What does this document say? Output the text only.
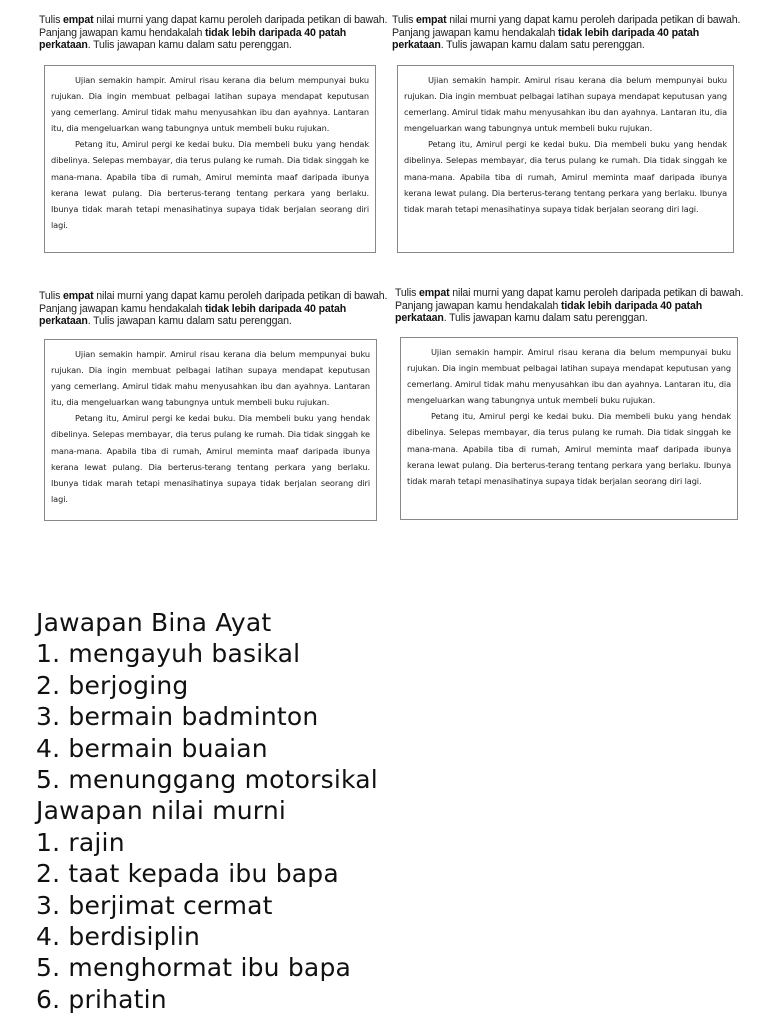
Tulis empat nilai murni yang dapat kamu peroleh daripada petikan di bawah.
Panjang jawapan kamu hendakalah tidak lebih daripada 40 patah
perkataan. Tulis jawapan kamu dalam satu perenggan.

Ujian semakin hampir. Amirul risau kerana dia belum mempunyai buku rujukan. Dia ingin membuat pelbagai latihan supaya mendapat keputusan yang cemerlang. Amirul tidak mahu menyusahkan ibu dan ayahnya. Lantaran itu, dia mengeluarkan wang tabungnya untuk membeli buku rujukan.

Petang itu, Amirul pergi ke kedai buku. Dia membeli buku yang hendak dibelinya. Selepas membayar, dia terus pulang ke rumah. Dia tidak singgah ke mana-mana. Apabila tiba di rumah, Amirul meminta maaf daripada ibunya kerana lewat pulang. Dia berterus-terang tentang perkara yang berlaku. Ibunya tidak marah tetapi menasihatinya supaya tidak berjalan seorang diri lagi.

Tulis empat nilai murni yang dapat kamu peroleh daripada petikan di bawah.
Panjang jawapan kamu hendakalah tidak lebih daripada 40 patah
perkataan. Tulis jawapan kamu dalam satu perenggan.

Ujian semakin hampir. Amirul risau kerana dia belum mempunyai buku rujukan. Dia ingin membuat pelbagai latihan supaya mendapat keputusan yang cemerlang. Amirul tidak mahu menyusahkan ibu dan ayahnya. Lantaran itu, dia mengeluarkan wang tabungnya untuk membeli buku rujukan.

Petang itu, Amirul pergi ke kedai buku. Dia membeli buku yang hendak dibelinya. Selepas membayar, dia terus pulang ke rumah. Dia tidak singgah ke mana-mana. Apabila tiba di rumah, Amirul meminta maaf daripada ibunya kerana lewat pulang. Dia berterus-terang tentang perkara yang berlaku. Ibunya tidak marah tetapi menasihatinya supaya tidak berjalan seorang diri lagi.

Tulis empat nilai murni yang dapat kamu peroleh daripada petikan di bawah.
Panjang jawapan kamu hendakalah tidak lebih daripada 40 patah
perkataan. Tulis jawapan kamu dalam satu perenggan.

Ujian semakin hampir. Amirul risau kerana dia belum mempunyai buku rujukan. Dia ingin membuat pelbagai latihan supaya mendapat keputusan yang cemerlang. Amirul tidak mahu menyusahkan ibu dan ayahnya. Lantaran itu, dia mengeluarkan wang tabungnya untuk membeli buku rujukan.

Petang itu, Amirul pergi ke kedai buku. Dia membeli buku yang hendak dibelinya. Selepas membayar, dia terus pulang ke rumah. Dia tidak singgah ke mana-mana. Apabila tiba di rumah, Amirul meminta maaf daripada ibunya kerana lewat pulang. Dia berterus-terang tentang perkara yang berlaku. Ibunya tidak marah tetapi menasihatinya supaya tidak berjalan seorang diri lagi.

Tulis empat nilai murni yang dapat kamu peroleh daripada petikan di bawah.
Panjang jawapan kamu hendakalah tidak lebih daripada 40 patah
perkataan. Tulis jawapan kamu dalam satu perenggan.

Ujian semakin hampir. Amirul risau kerana dia belum mempunyai buku rujukan. Dia ingin membuat pelbagai latihan supaya mendapat keputusan yang cemerlang. Amirul tidak mahu menyusahkan ibu dan ayahnya. Lantaran itu, dia mengeluarkan wang tabungnya untuk membeli buku rujukan.

Petang itu, Amirul pergi ke kedai buku. Dia membeli buku yang hendak dibelinya. Selepas membayar, dia terus pulang ke rumah. Dia tidak singgah ke mana-mana. Apabila tiba di rumah, Amirul meminta maaf daripada ibunya kerana lewat pulang. Dia berterus-terang tentang perkara yang berlaku. Ibunya tidak marah tetapi menasihatinya supaya tidak berjalan seorang diri lagi.

Jawapan Bina Ayat
1. mengayuh basikal
2. berjoging
3. bermain badminton
4. bermain buaian
5. menunggang motorsikal
Jawapan nilai murni
1. rajin
2. taat kepada ibu bapa
3. berjimat cermat
4. berdisiplin
5. menghormat ibu bapa
6. prihatin
